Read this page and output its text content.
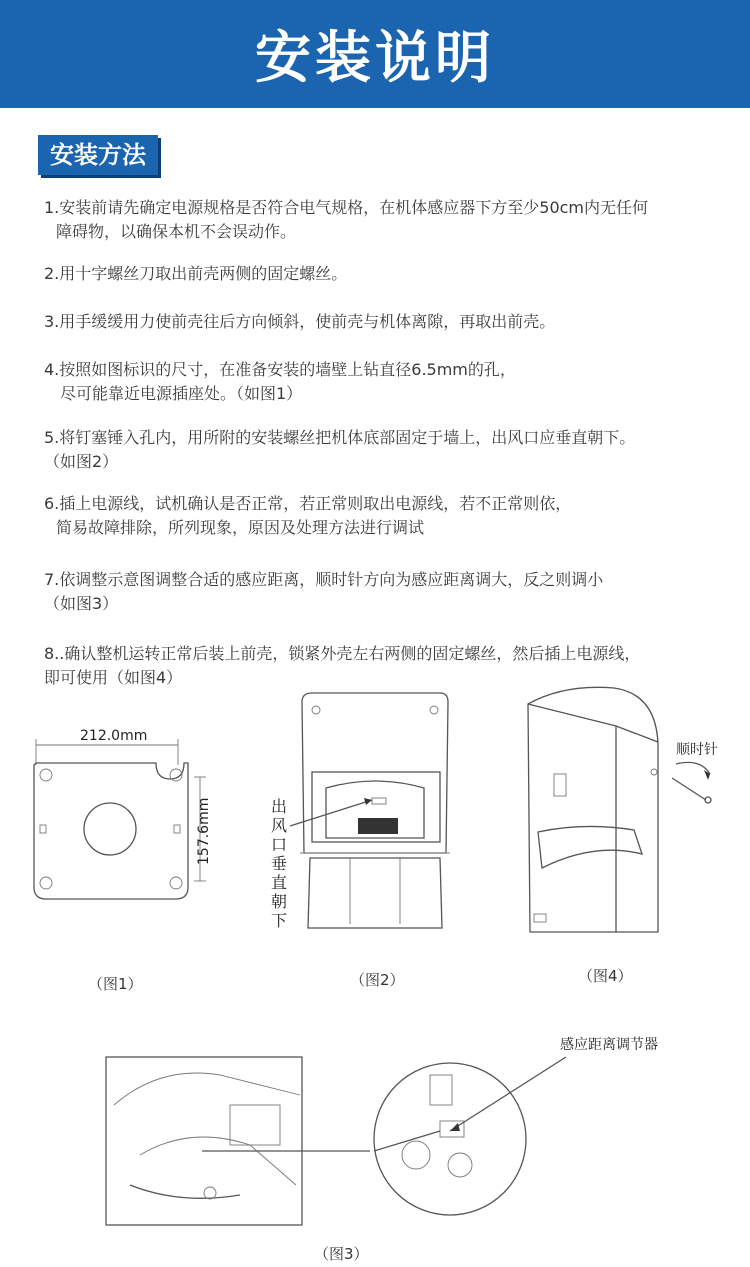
安装说明
安装方法
1.安装前请先确定电源规格是否符合电气规格，在机体感应器下方至少50cm内无任何
障碍物，以确保本机不会误动作。
2.用十字螺丝刀取出前壳两侧的固定螺丝。
3.用手缓缓用力使前壳往后方向倾斜，使前壳与机体离隙，再取出前壳。
4.按照如图标识的尺寸，在准备安装的墙壁上钻直径6.5mm的孔，
尽可能靠近电源插座处。（如图1）
5.将钉塞锤入孔内，用所附的安装螺丝把机体底部固定于墙上，出风口应垂直朝下。
（如图2）
6.插上电源线，试机确认是否正常，若正常则取出电源线，若不正常则依，
简易故障排除，所列现象，原因及处理方法进行调试
7.依调整示意图调整合适的感应距离，顺时针方向为感应距离调大，反之则调小
（如图3）
8..确认整机运转正常后装上前壳，锁紧外壳左右两侧的固定螺丝，然后插上电源线，
即可使用（如图4）
212.0mm
157.6mm
（图1）
出风口垂直朝下
（图2）
顺时针
（图4）
感应距离调节器
（图3）
